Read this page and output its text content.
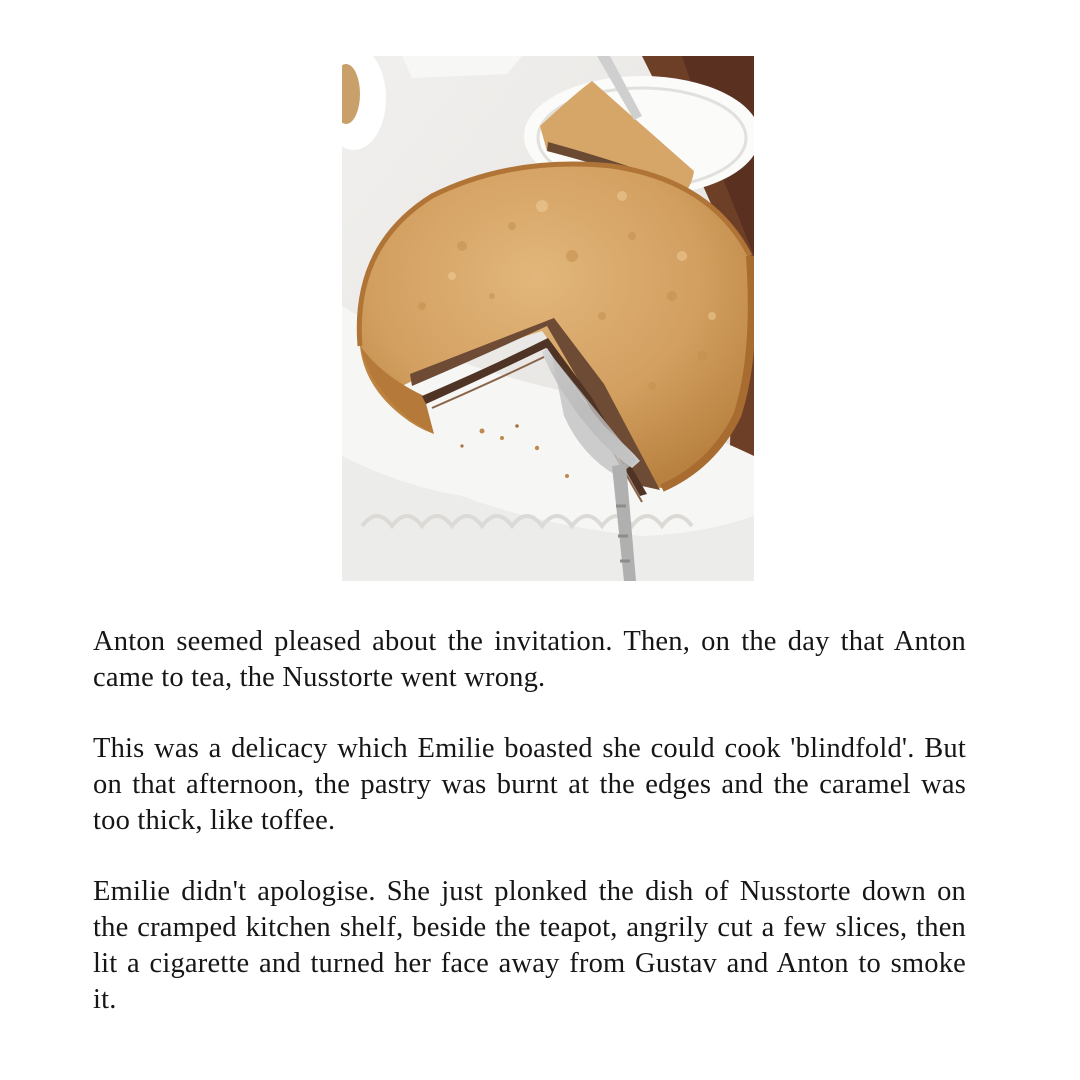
Anton seemed pleased about the invitation. Then, on the day that Anton came to tea, the Nusstorte went wrong.

This was a delicacy which Emilie boasted she could cook 'blindfold'. But on that afternoon, the pastry was burnt at the edges and the caramel was too thick, like toffee.

Emilie didn't apologise. She just plonked the dish of Nusstorte down on the cramped kitchen shelf, beside the teapot, angrily cut a few slices, then lit a cigarette and turned her face away from Gustav and Anton to smoke it.
